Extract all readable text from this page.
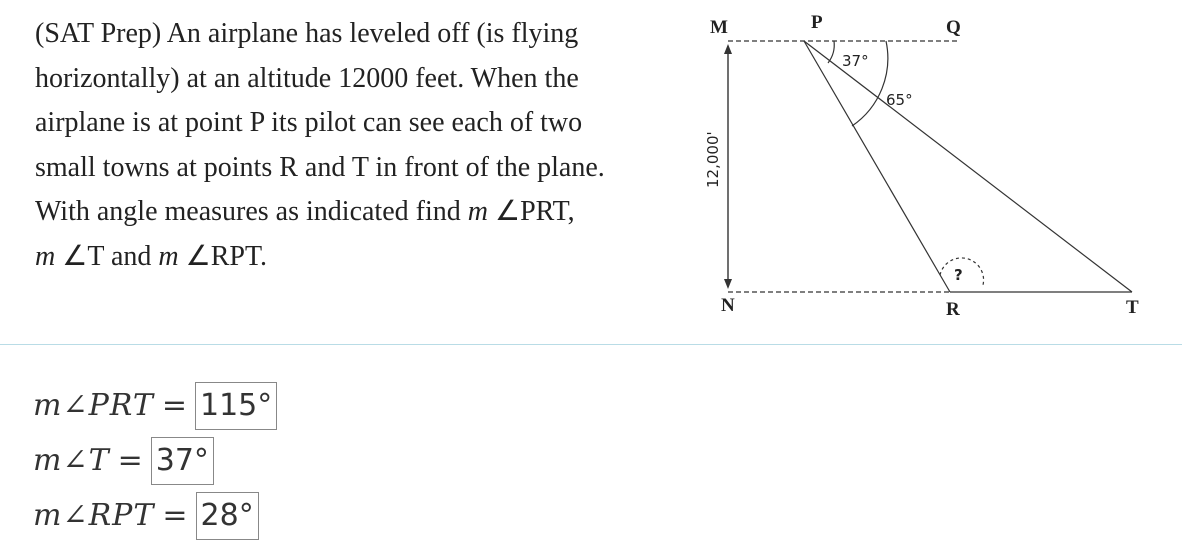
(SAT Prep) An airplane has leveled off (is flying

horizontally) at an altitude 12000 feet. When the

airplane is at point P its pilot can see each of two

small towns at points R and T in front of the plane.

With angle measures as indicated find m ∠PRT,

m ∠T and m ∠RPT.

M	P	Q
N	R	T
37°
65°
?
12,000'
m∠PRT = 115°
m∠T = 37°
m∠RPT = 28°
